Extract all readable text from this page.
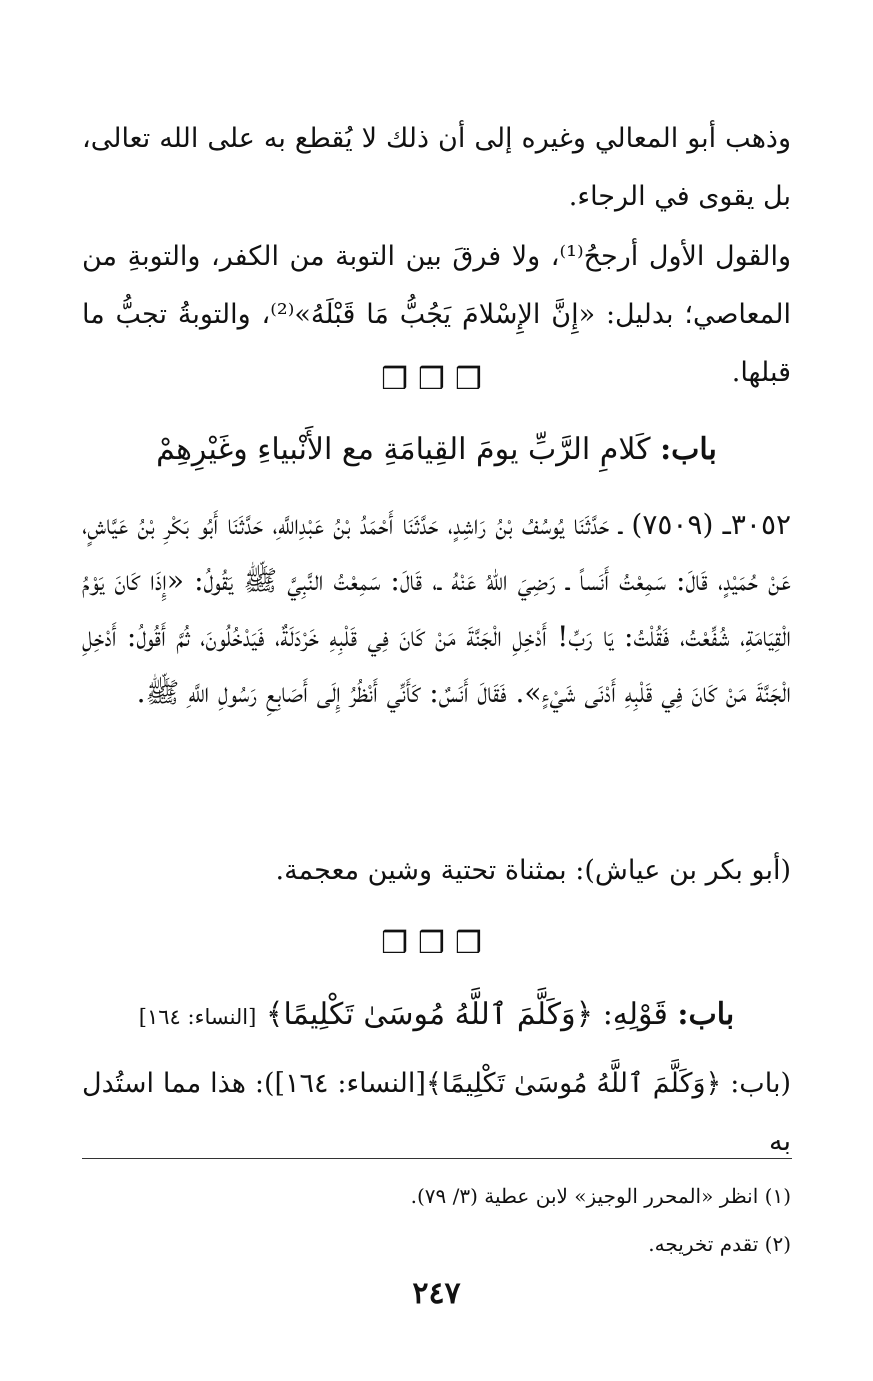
وذهب أبو المعالي وغيره إلى أن ذلك لا يُقطع به على الله تعالى، بل يقوى في الرجاء.
والقول الأول أرجحُ⁽¹⁾، ولا فرقَ بين التوبة من الكفر، والتوبةِ من المعاصي؛ بدليل: «إِنَّ الإِسْلامَ يَجُبُّ مَا قَبْلَهُ»⁽²⁾، والتوبةُ تجبُّ ما قبلها.
❒❒❒
باب: كَلامِ الرَّبِّ يومَ القِيامَةِ مع الأَنْبياءِ وغَيْرِهِمْ
٣٠٥٢ـ (٧٥٠٩) ـ حَدَّثَنَا يُوسُفُ بْنُ رَاشِدٍ، حَدَّثَنَا أَحْمَدُ بْنُ عَبْدِاللَّهِ، حَدَّثَنَا أَبُو بَكْرِ بْنُ عَيَّاشٍ، عَنْ حُمَيْدٍ، قَالَ: سَمِعْتُ أَنَساً ـ رَضِيَ اللهُ عَنْهُ ـ، قَالَ: سَمِعْتُ النَّبِيَّ ﷺ يَقُولُ: «إِذَا كَانَ يَوْمُ الْقِيَامَةِ، شُفِّعْتُ، فَقُلْتُ: يَا رَبِّ! أَدْخِلِ الْجَنَّةَ مَنْ كَانَ فِي قَلْبِهِ خَرْدَلَةٌ، فَيَدْخُلُونَ، ثُمَّ أَقُولُ: أَدْخِلِ الْجَنَّةَ مَنْ كَانَ فِي قَلْبِهِ أَدْنَى شَيْءٍ». فَقَالَ أَنَسٌ: كَأَنِّي أَنْظُرُ إِلَى أَصَابِعِ رَسُولِ اللَّهِ ﷺ.
(أبو بكر بن عياش): بمثناة تحتية وشين معجمة.
❒❒❒
باب: قَوْلِهِ: ﴿وَكَلَّمَ ٱللَّهُ مُوسَىٰ تَكْلِيمًا﴾ [النساء: ١٦٤]
(باب: ﴿وَكَلَّمَ ٱللَّهُ مُوسَىٰ تَكْلِيمًا﴾[النساء: ١٦٤]): هذا مما استُدل به
(١) انظر «المحرر الوجيز» لابن عطية (٣/ ٧٩).
(٢) تقدم تخريجه.
٢٤٧
